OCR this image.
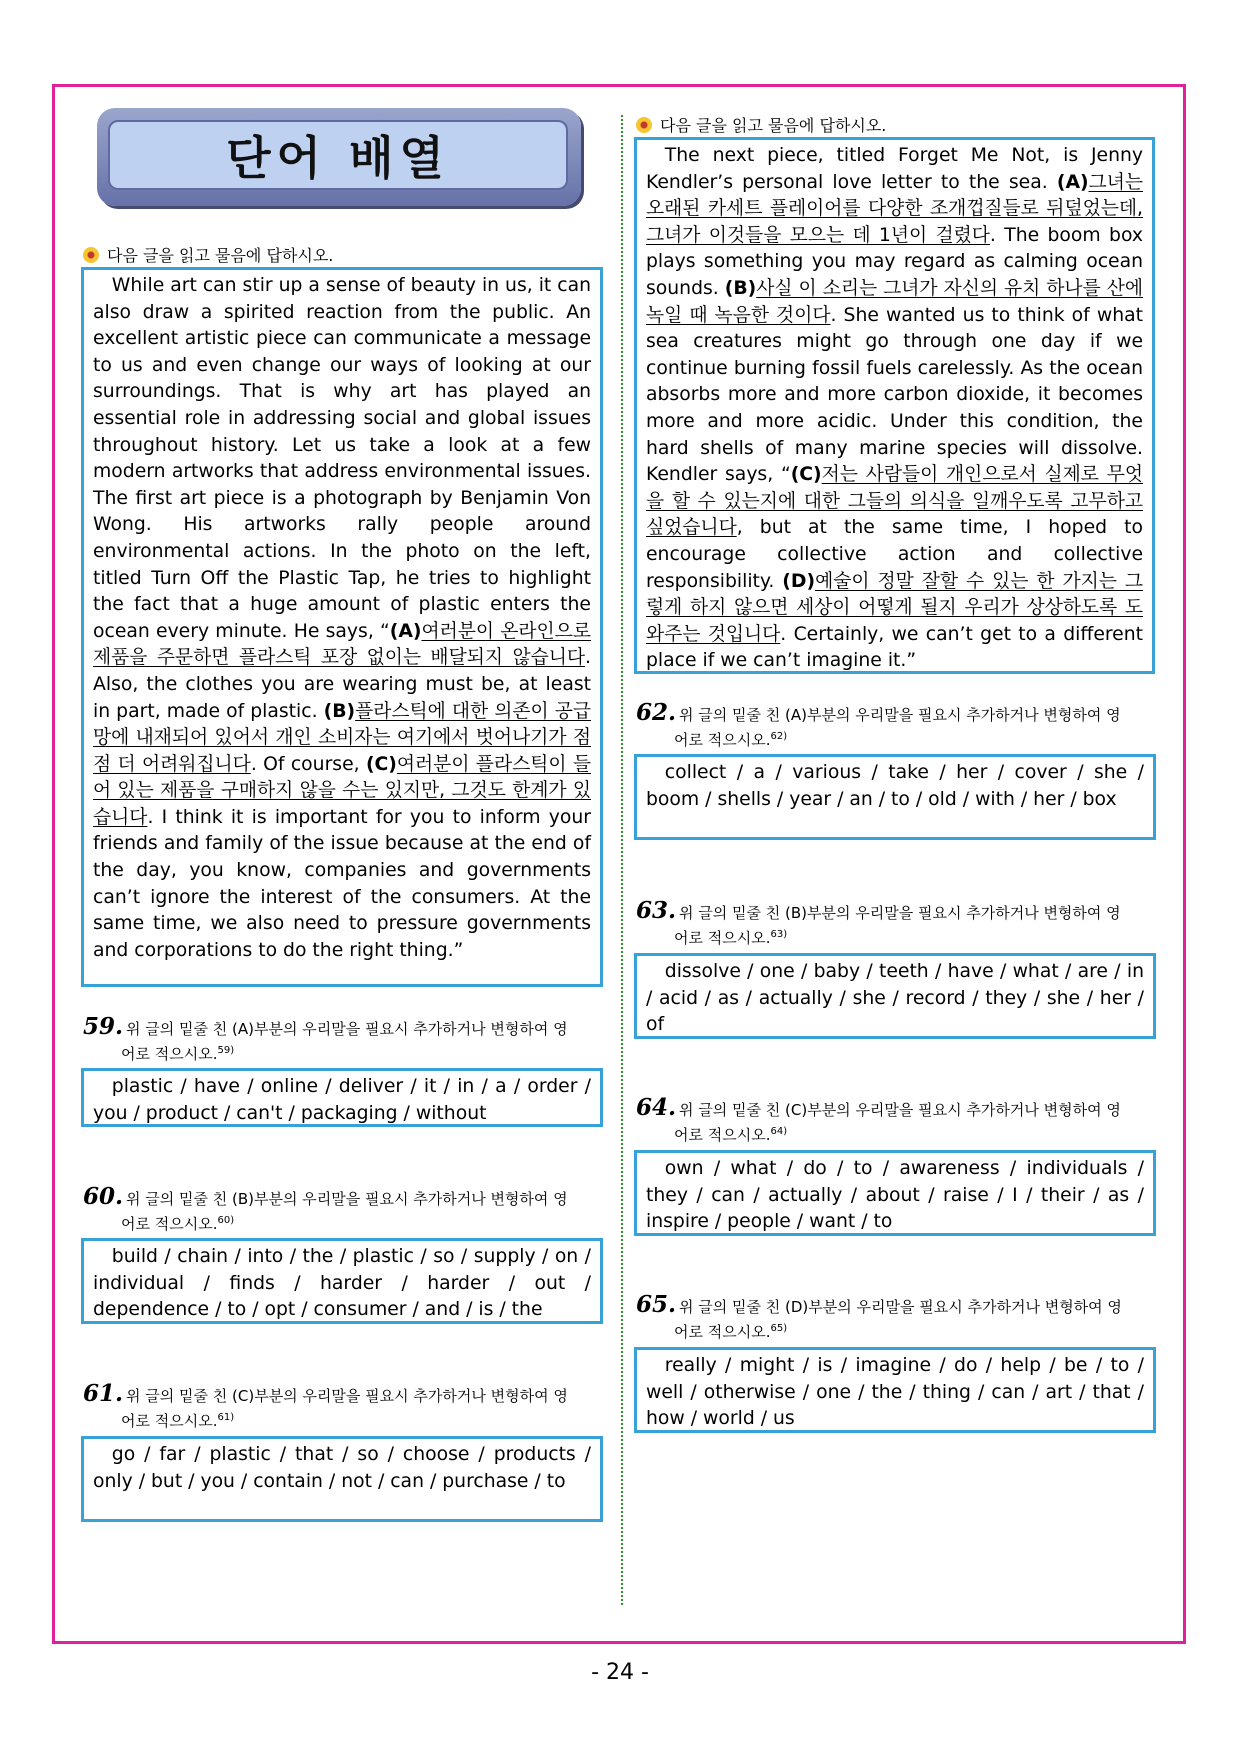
단어 배열
다음 글을 읽고 물음에 답하시오.

While art can stir up a sense of beauty in us, it can also draw a spirited reaction from the public. An excellent artistic piece can communicate a message to us and even change our ways of looking at our surroundings. That is why art has played an essential role in addressing social and global issues throughout history. Let us take a look at a few modern artworks that address environmental issues. The first art piece is a photograph by Benjamin Von Wong. His artworks rally people around environmental actions. In the photo on the left, titled Turn Off the Plastic Tap, he tries to highlight the fact that a huge amount of plastic enters the ocean every minute. He says, “(A)여러분이 온라인으로 제품을 주문하면 플라스틱 포장 없이는 배달되지 않습니다. Also, the clothes you are wearing must be, at least in part, made of plastic. (B)플라스틱에 대한 의존이 공급망에 내재되어 있어서 개인 소비자는 여기에서 벗어나기가 점점 더 어려워집니다. Of course, (C)여러분이 플라스틱이 들어 있는 제품을 구매하지 않을 수는 있지만, 그것도 한계가 있습니다. I think it is important for you to inform your friends and family of the issue because at the end of the day, you know, companies and governments can’t ignore the interest of the consumers. At the same time, we also need to pressure governments and corporations to do the right thing.”

59. 위 글의 밑줄 친 (A)부분의 우리말을 필요시 추가하거나 변형하여 영
어로 적으시오.$^{59)}$

plastic / have / online / deliver / it / in / a / order / you / product / can't / packaging / without

60. 위 글의 밑줄 친 (B)부분의 우리말을 필요시 추가하거나 변형하여 영
어로 적으시오.$^{60)}$

build / chain / into / the / plastic / so / supply / on / individual / finds / harder / harder / out / dependence / to / opt / consumer / and / is / the

61. 위 글의 밑줄 친 (C)부분의 우리말을 필요시 추가하거나 변형하여 영
어로 적으시오.$^{61)}$

go / far / plastic / that / so / choose / products / only / but / you / contain / not / can / purchase / to

다음 글을 읽고 물음에 답하시오.

The next piece, titled Forget Me Not, is Jenny Kendler’s personal love letter to the sea. (A)그녀는 오래된 카세트 플레이어를 다양한 조개껍질들로 뒤덮었는데, 그녀가 이것들을 모으는 데 1년이 걸렸다. The boom box plays something you may regard as calming ocean sounds. (B)사실 이 소리는 그녀가 자신의 유치 하나를 산에 녹일 때 녹음한 것이다. She wanted us to think of what sea creatures might go through one day if we continue burning fossil fuels carelessly. As the ocean absorbs more and more carbon dioxide, it becomes more and more acidic. Under this condition, the hard shells of many marine species will dissolve. Kendler says, “(C)저는 사람들이 개인으로서 실제로 무엇을 할 수 있는지에 대한 그들의 의식을 일깨우도록 고무하고 싶었습니다, but at the same time, I hoped to encourage collective action and collective responsibility. (D)예술이 정말 잘할 수 있는 한 가지는 그렇게 하지 않으면 세상이 어떻게 될지 우리가 상상하도록 도와주는 것입니다. Certainly, we can’t get to a different place if we can’t imagine it.”

62. 위 글의 밑줄 친 (A)부분의 우리말을 필요시 추가하거나 변형하여 영
어로 적으시오.$^{62)}$

collect / a / various / take / her / cover / she / boom / shells / year / an / to / old / with / her / box

63. 위 글의 밑줄 친 (B)부분의 우리말을 필요시 추가하거나 변형하여 영
어로 적으시오.$^{63)}$

dissolve / one / baby / teeth / have / what / are / in / acid / as / actually / she / record / they / she / her / of

64. 위 글의 밑줄 친 (C)부분의 우리말을 필요시 추가하거나 변형하여 영
어로 적으시오.$^{64)}$

own / what / do / to / awareness / individuals / they / can / actually / about / raise / I / their / as / inspire / people / want / to

65. 위 글의 밑줄 친 (D)부분의 우리말을 필요시 추가하거나 변형하여 영
어로 적으시오.$^{65)}$

really / might / is / imagine / do / help / be / to / well / otherwise / one / the / thing / can / art / that / how / world / us

- 24 -
